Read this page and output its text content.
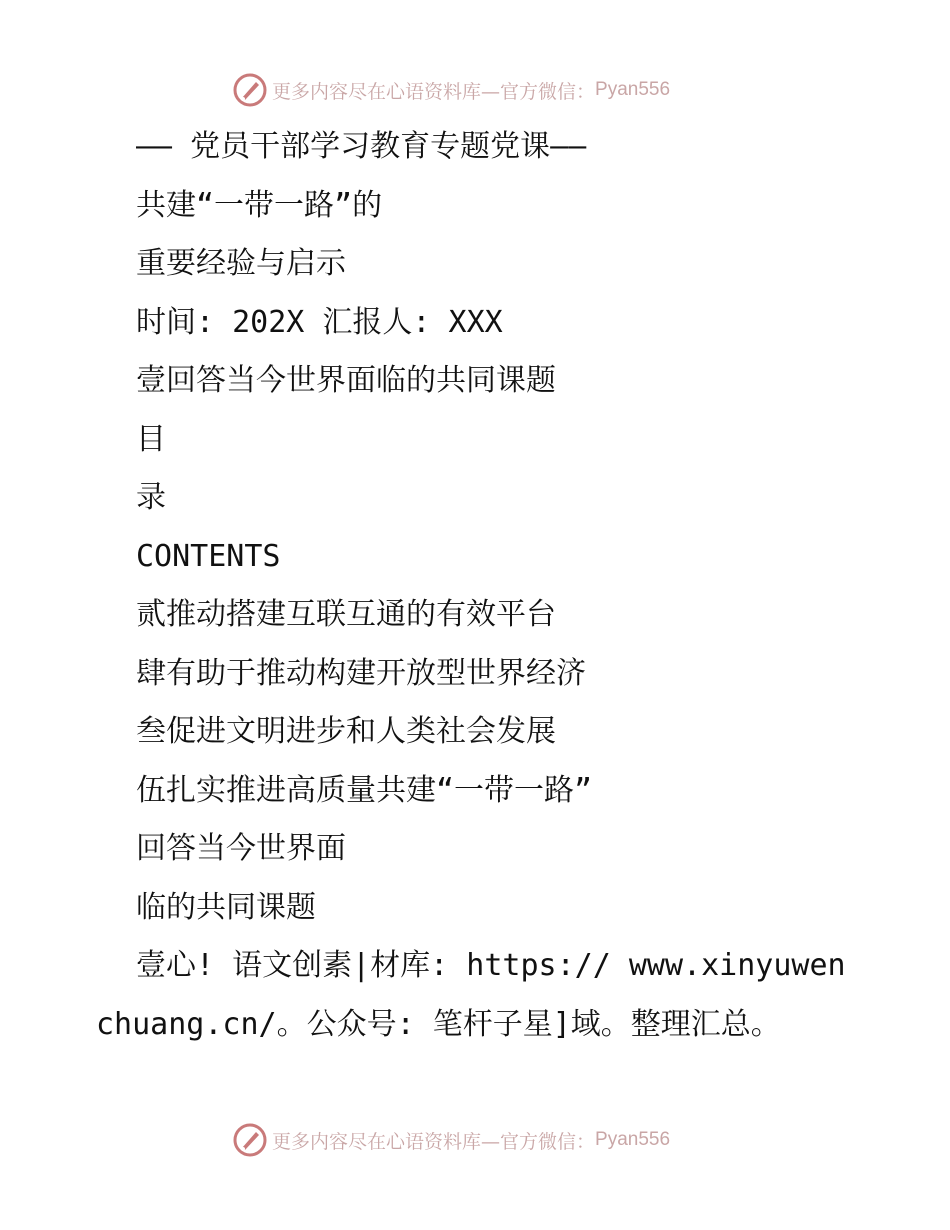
更多内容尽在心语资料库—官方微信： Pyan556
—— 党员干部学习教育专题党课——
共建“一带一路”的
重要经验与启示
时间: 202X 汇报人: XXX
壹回答当今世界面临的共同课题
目
录
CONTENTS
贰推动搭建互联互通的有效平台
肆有助于推动构建开放型世界经济
叁促进文明进步和人类社会发展
伍扎实推进高质量共建“一带一路”
回答当今世界面
临的共同课题
壹心! 语文创素|材库: https:// www.xinyuwenchuang.cn/。公众号: 笔杆子星]域。整理汇总。
更多内容尽在心语资料库—官方微信： Pyan556
